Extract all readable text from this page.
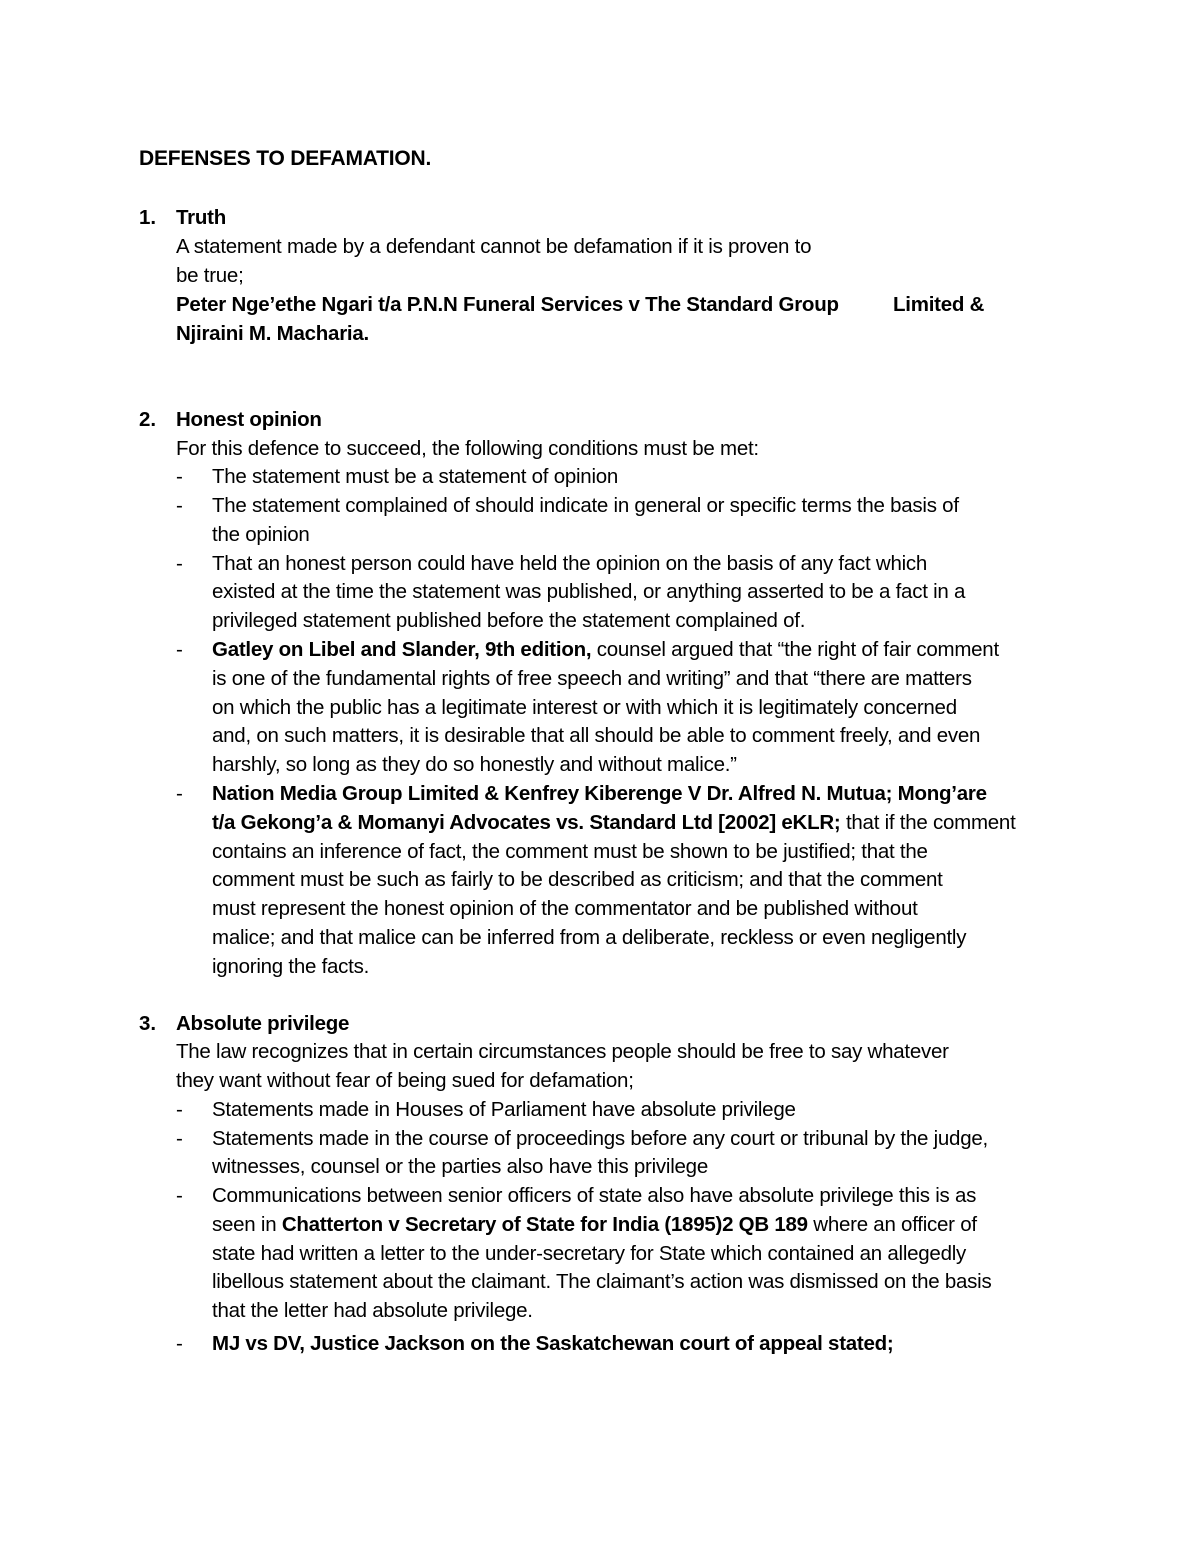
DEFENSES TO DEFAMATION.
1. Truth
A statement made by a defendant cannot be defamation if it is proven to
be true;
Peter Nge’ethe Ngari t/a P.N.N Funeral Services v The Standard Group	Limited &
Njiraini M. Macharia.
2. Honest opinion
For this defence to succeed, the following conditions must be met:
- The statement must be a statement of opinion
- The statement complained of should indicate in general or specific terms the basis of
the opinion
- That an honest person could have held the opinion on the basis of any fact which
existed at the time the statement was published, or anything asserted to be a fact in a
privileged statement published before the statement complained of.
- Gatley on Libel and Slander, 9th edition, counsel argued that “the right of fair comment
is one of the fundamental rights of free speech and writing” and that “there are matters
on which the public has a legitimate interest or with which it is legitimately concerned
and, on such matters, it is desirable that all should be able to comment freely, and even
harshly, so long as they do so honestly and without malice.”
- Nation Media Group Limited & Kenfrey Kiberenge V Dr. Alfred N. Mutua; Mong’are
t/a Gekong’a & Momanyi Advocates vs. Standard Ltd [2002] eKLR; that if the comment
contains an inference of fact, the comment must be shown to be justified; that the
comment must be such as fairly to be described as criticism; and that the comment
must represent the honest opinion of the commentator and be published without
malice; and that malice can be inferred from a deliberate, reckless or even negligently
ignoring the facts.
3. Absolute privilege
The law recognizes that in certain circumstances people should be free to say whatever
they want without fear of being sued for defamation;
- Statements made in Houses of Parliament have absolute privilege
- Statements made in the course of proceedings before any court or tribunal by the judge,
witnesses, counsel or the parties also have this privilege
- Communications between senior officers of state also have absolute privilege this is as
seen in Chatterton v Secretary of State for India (1895)2 QB 189 where an officer of
state had written a letter to the under-secretary for State which contained an allegedly
libellous statement about the claimant. The claimant’s action was dismissed on the basis
that the letter had absolute privilege.
- MJ vs DV, Justice Jackson on the Saskatchewan court of appeal stated;
